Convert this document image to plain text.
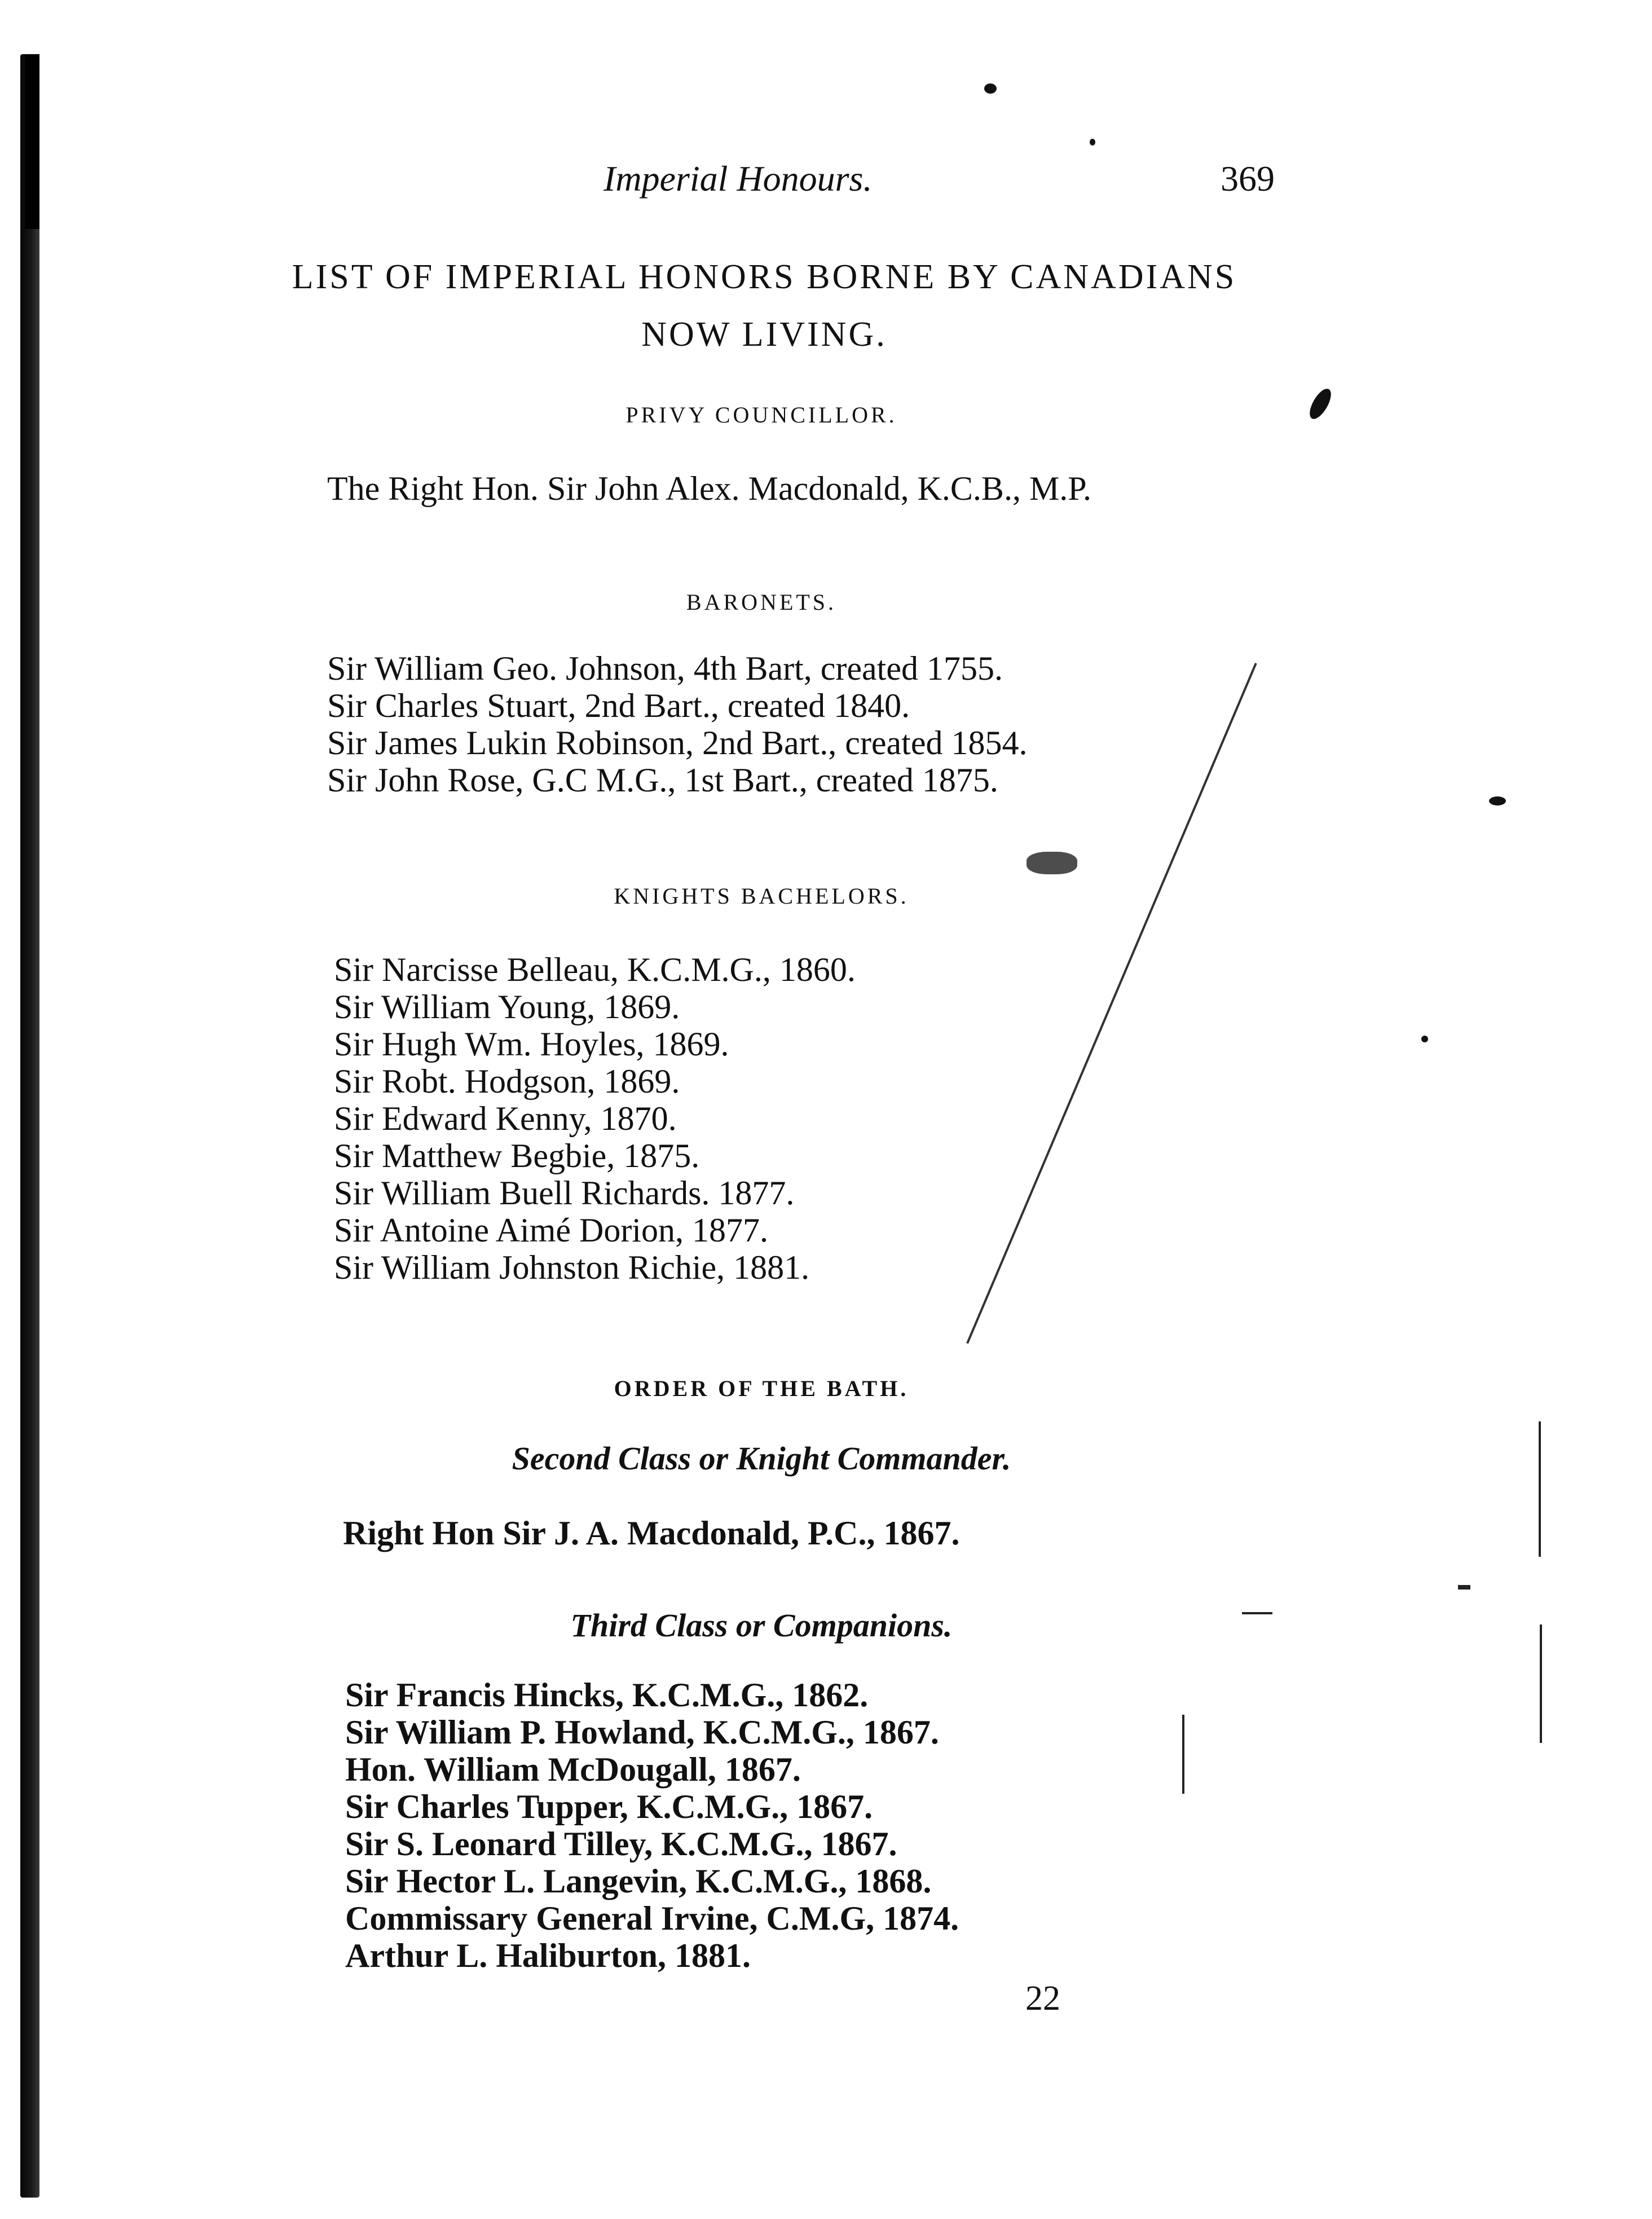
Imperial Honours.	369
LIST OF IMPERIAL HONORS BORNE BY CANADIANS
NOW LIVING.
PRIVY COUNCILLOR.
The Right Hon. Sir John Alex. Macdonald, K.C.B., M.P.
BARONETS.
Sir William Geo. Johnson, 4th Bart, created 1755.
Sir Charles Stuart, 2nd Bart., created 1840.
Sir James Lukin Robinson, 2nd Bart., created 1854.
Sir John Rose, G.C M.G., 1st Bart., created 1875.
KNIGHTS BACHELORS.
Sir Narcisse Belleau, K.C.M.G., 1860.
Sir William Young, 1869.
Sir Hugh Wm. Hoyles, 1869.
Sir Robt. Hodgson, 1869.
Sir Edward Kenny, 1870.
Sir Matthew Begbie, 1875.
Sir William Buell Richards. 1877.
Sir Antoine Aimé Dorion, 1877.
Sir William Johnston Richie, 1881.
ORDER OF THE BATH.
Second Class or Knight Commander.
Right Hon Sir J. A. Macdonald, P.C., 1867.
Third Class or Companions.
Sir Francis Hincks, K.C.M.G., 1862.
Sir William P. Howland, K.C.M.G., 1867.
Hon. William McDougall, 1867.
Sir Charles Tupper, K.C.M.G., 1867.
Sir S. Leonard Tilley, K.C.M.G., 1867.
Sir Hector L. Langevin, K.C.M.G., 1868.
Commissary General Irvine, C.M.G, 1874.
Arthur L. Haliburton, 1881.
22
